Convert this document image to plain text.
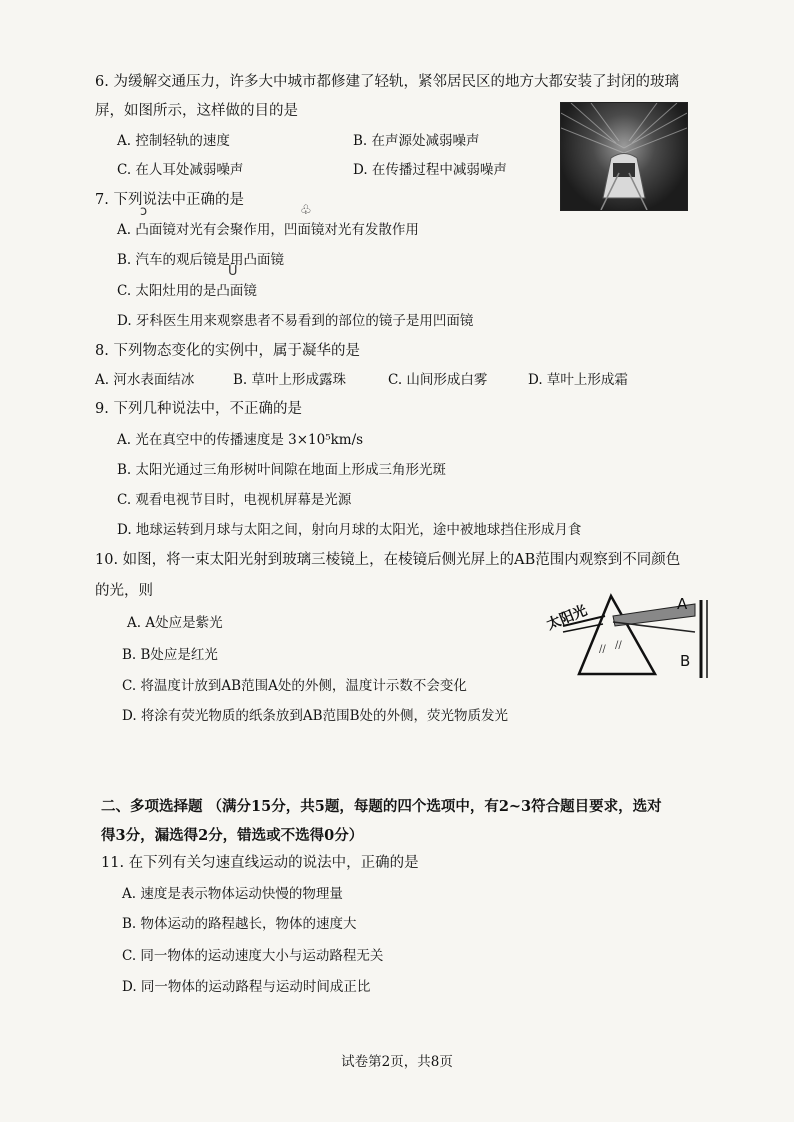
6. 为缓解交通压力，许多大中城市都修建了轻轨，紧邻居民区的地方大都安装了封闭的玻璃
屏，如图所示，这样做的目的是
A. 控制轻轨的速度	B. 在声源处减弱噪声
C. 在人耳处减弱噪声	D. 在传播过程中减弱噪声
7. 下列说法中正确的是
ↄ	♧
A. 凸面镜对光有会聚作用，凹面镜对光有发散作用
B. 汽车的观后镜是用凸面镜
Ū
C. 太阳灶用的是凸面镜
D. 牙科医生用来观察患者不易看到的部位的镜子是用凹面镜
8. 下列物态变化的实例中，属于凝华的是
A. 河水表面结冰	B. 草叶上形成露珠	C. 山间形成白雾	D. 草叶上形成霜
9. 下列几种说法中，不正确的是
A. 光在真空中的传播速度是 3×10⁵km/s
B. 太阳光通过三角形树叶间隙在地面上形成三角形光斑
C. 观看电视节目时，电视机屏幕是光源
D. 地球运转到月球与太阳之间，射向月球的太阳光，途中被地球挡住形成月食
10. 如图，将一束太阳光射到玻璃三棱镜上，在棱镜后侧光屏上的AB范围内观察到不同颜色
的光，则
A. A处应是紫光
B. B处应是红光
C. 将温度计放到AB范围A处的外侧，温度计示数不会变化
D. 将涂有荧光物质的纸条放到AB范围B处的外侧，荧光物质发光
// //
太阳光	A
B
二、多项选择题 （满分15分，共5题，每题的四个选项中，有2~3符合题目要求，选对
得3分，漏选得2分，错选或不选得0分）
11. 在下列有关匀速直线运动的说法中，正确的是
A. 速度是表示物体运动快慢的物理量
B. 物体运动的路程越长，物体的速度大
C. 同一物体的运动速度大小与运动路程无关
D. 同一物体的运动路程与运动时间成正比
试卷第2页，共8页
